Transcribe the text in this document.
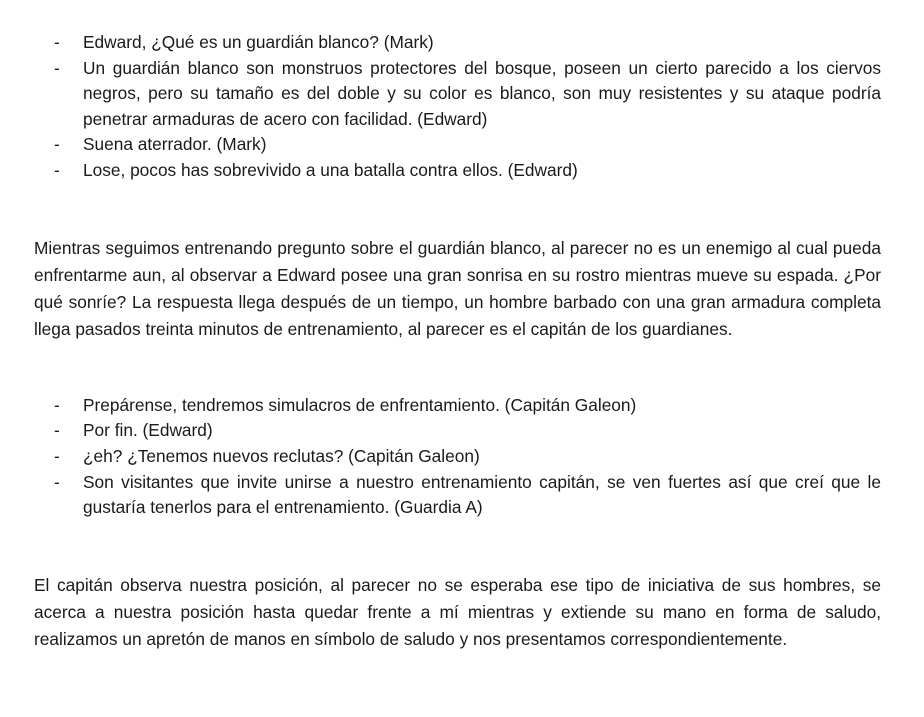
- Edward, ¿Qué es un guardián blanco? (Mark)
- Un guardián blanco son monstruos protectores del bosque, poseen un cierto parecido a los ciervos negros, pero su tamaño es del doble y su color es blanco, son muy resistentes y su ataque podría penetrar armaduras de acero con facilidad. (Edward)
- Suena aterrador. (Mark)
- Lose, pocos has sobrevivido a una batalla contra ellos. (Edward)

Mientras seguimos entrenando pregunto sobre el guardián blanco, al parecer no es un enemigo al cual pueda enfrentarme aun, al observar a Edward posee una gran sonrisa en su rostro mientras mueve su espada. ¿Por qué sonríe? La respuesta llega después de un tiempo, un hombre barbado con una gran armadura completa llega pasados treinta minutos de entrenamiento, al parecer es el capitán de los guardianes.

- Prepárense, tendremos simulacros de enfrentamiento. (Capitán Galeon)
- Por fin. (Edward)
- ¿eh? ¿Tenemos nuevos reclutas? (Capitán Galeon)
- Son visitantes que invite unirse a nuestro entrenamiento capitán, se ven fuertes así que creí que le gustaría tenerlos para el entrenamiento. (Guardia A)

El capitán observa nuestra posición, al parecer no se esperaba ese tipo de iniciativa de sus hombres, se acerca a nuestra posición hasta quedar frente a mí mientras y extiende su mano en forma de saludo, realizamos un apretón de manos en símbolo de saludo y nos presentamos correspondientemente.
